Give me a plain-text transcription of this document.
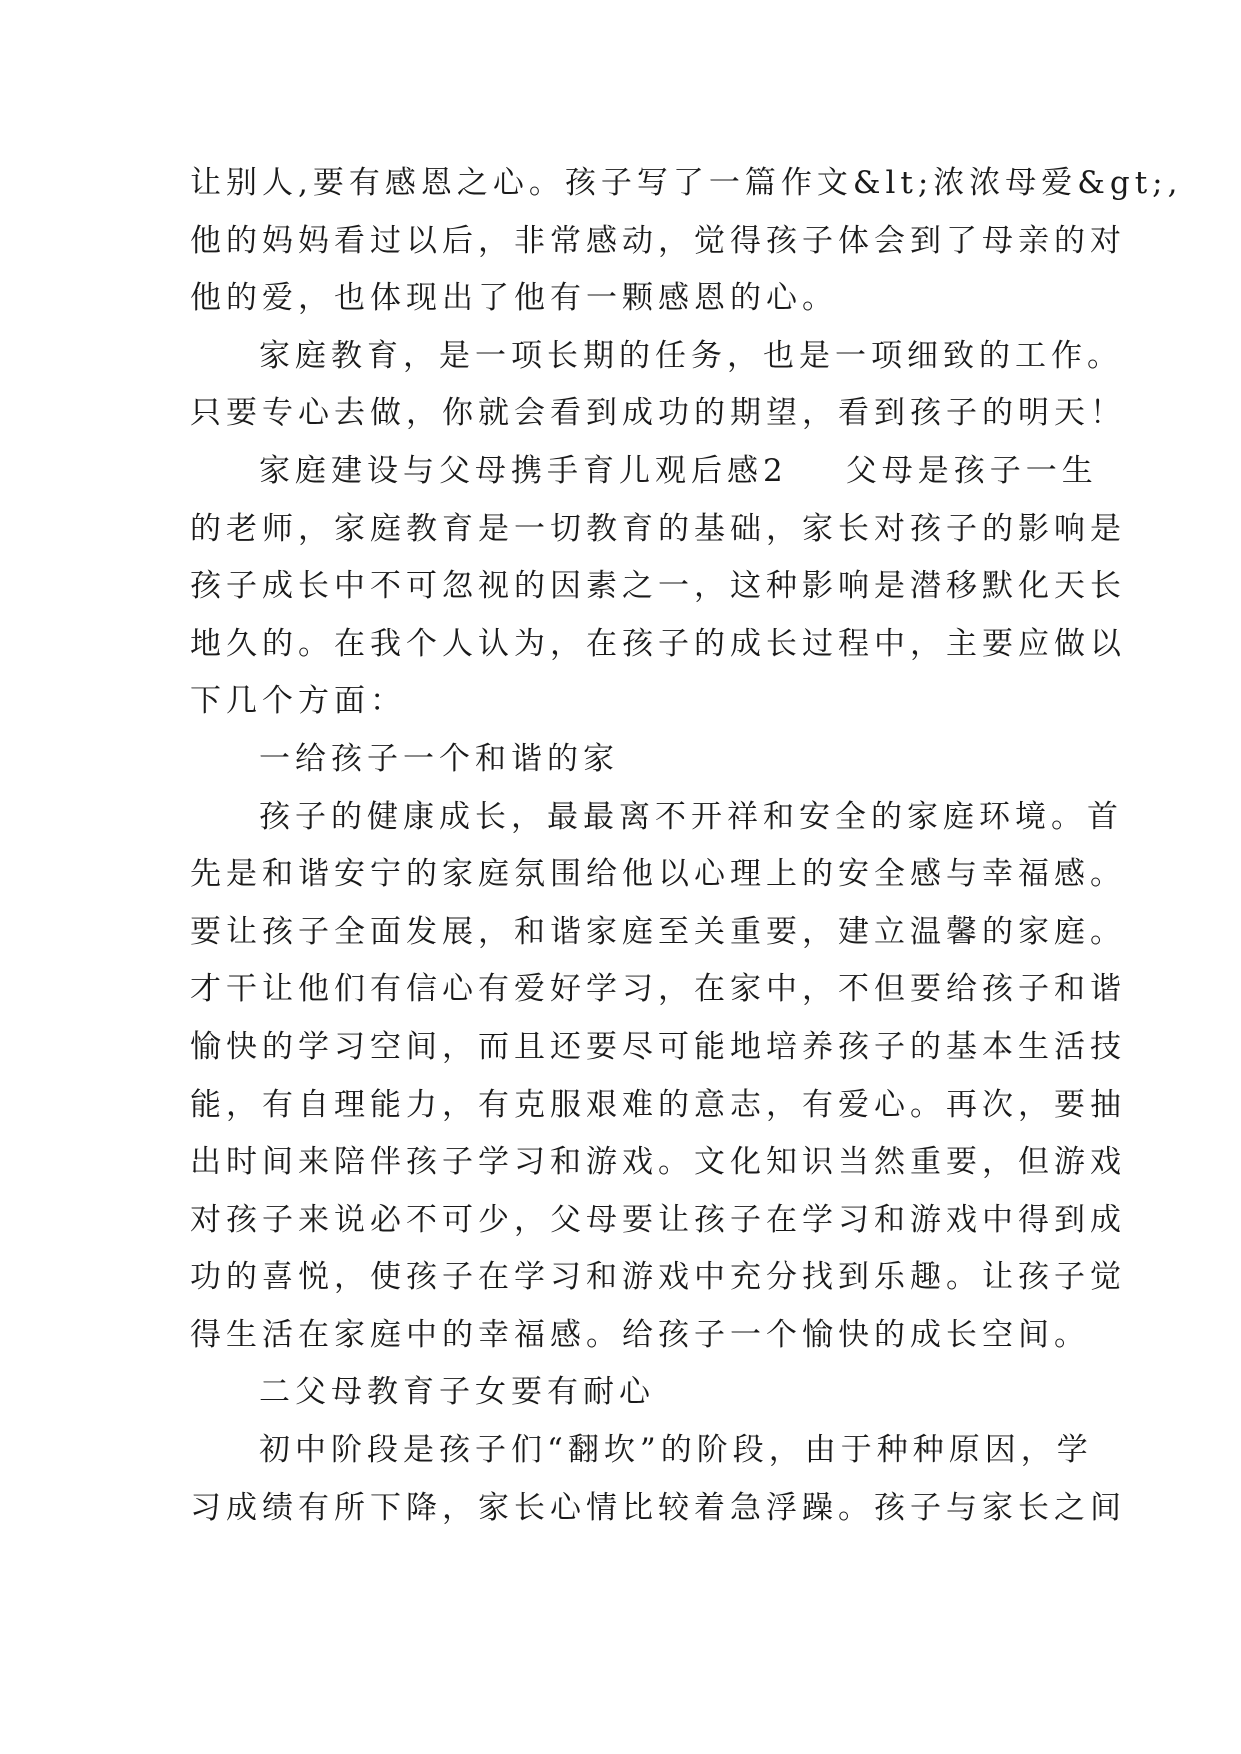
让别人,要有感恩之心。孩子写了一篇作文&lt;浓浓母爱&gt;,
他的妈妈看过以后，非常感动，觉得孩子体会到了母亲的对
他的爱，也体现出了他有一颗感恩的心。
家庭教育，是一项长期的任务，也是一项细致的工作。
只要专心去做，你就会看到成功的期望，看到孩子的明天！
家庭建设与父母携手育儿观后感2 父母是孩子一生
的老师，家庭教育是一切教育的基础，家长对孩子的影响是
孩子成长中不可忽视的因素之一，这种影响是潜移默化天长
地久的。在我个人认为，在孩子的成长过程中，主要应做以
下几个方面：
一给孩子一个和谐的家
孩子的健康成长，最最离不开祥和安全的家庭环境。首
先是和谐安宁的家庭氛围给他以心理上的安全感与幸福感。
要让孩子全面发展，和谐家庭至关重要，建立温馨的家庭。
才干让他们有信心有爱好学习，在家中，不但要给孩子和谐
愉快的学习空间，而且还要尽可能地培养孩子的基本生活技
能，有自理能力，有克服艰难的意志，有爱心。再次，要抽
出时间来陪伴孩子学习和游戏。文化知识当然重要，但游戏
对孩子来说必不可少，父母要让孩子在学习和游戏中得到成
功的喜悦，使孩子在学习和游戏中充分找到乐趣。让孩子觉
得生活在家庭中的幸福感。给孩子一个愉快的成长空间。
二父母教育子女要有耐心
初中阶段是孩子们“翻坎”的阶段，由于种种原因，学
习成绩有所下降，家长心情比较着急浮躁。孩子与家长之间
